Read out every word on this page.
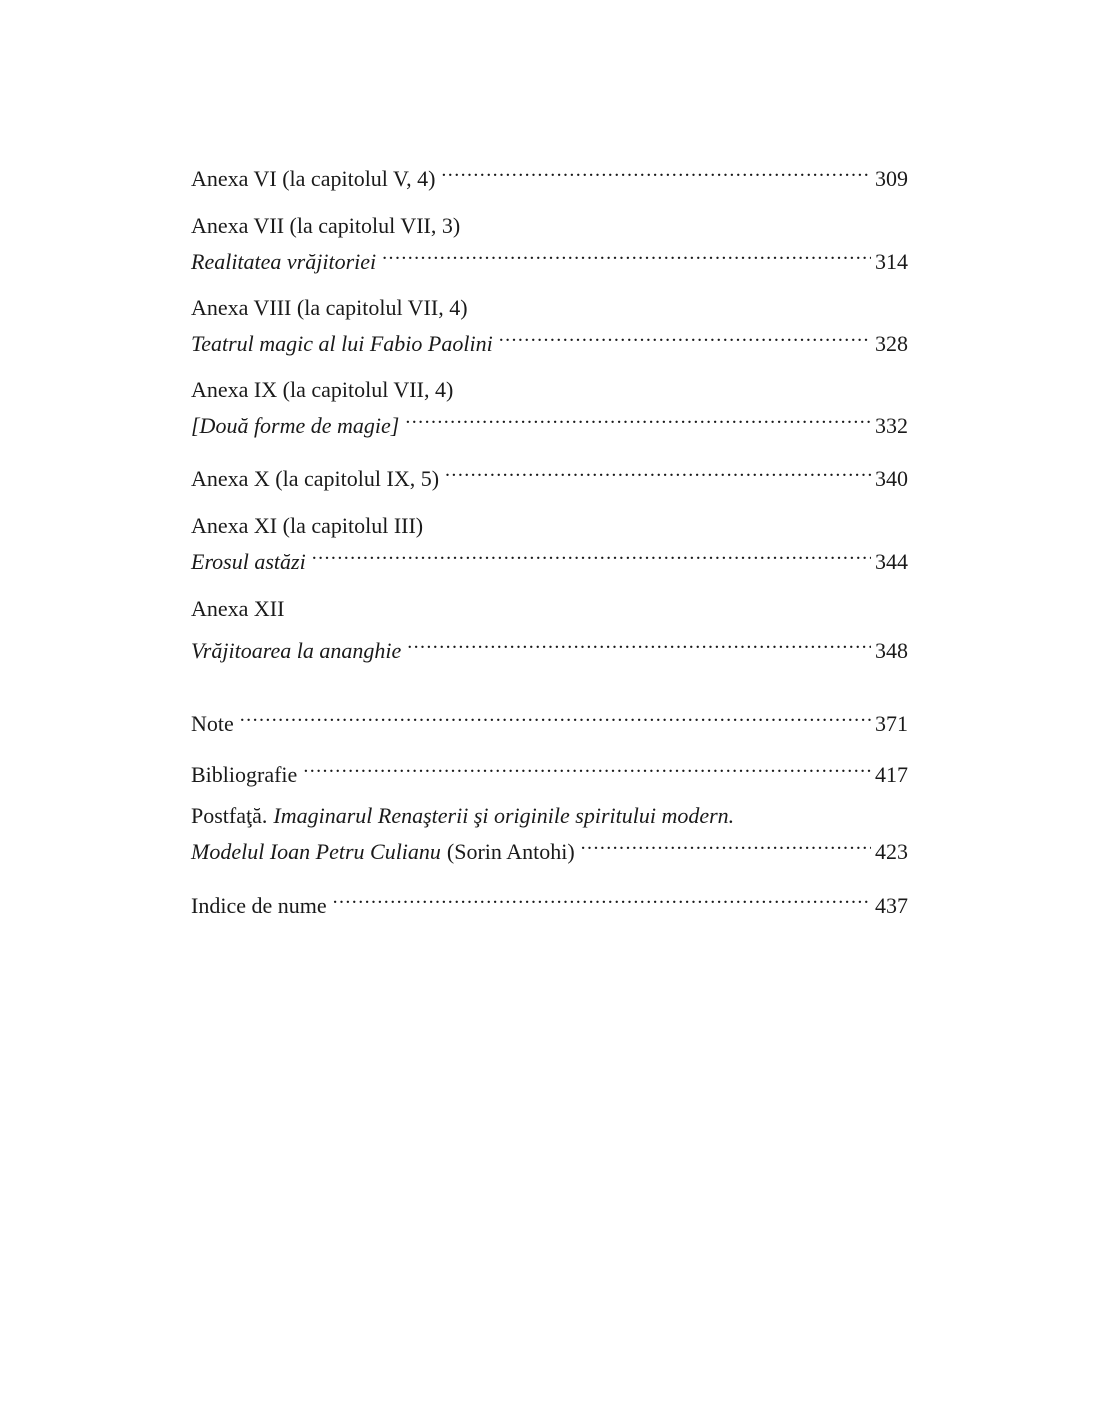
Anexa VI (la capitolul V, 4) .....	309
Anexa VII (la capitolul VII, 3)
Realitatea vrăjitoriei .....	314
Anexa VIII (la capitolul VII, 4)
Teatrul magic al lui Fabio Paolini .....	328
Anexa IX (la capitolul VII, 4)
[Două forme de magie] .....	332
Anexa X (la capitolul IX, 5) .....	340
Anexa XI (la capitolul III)
Erosul astăzi .....	344
Anexa XII
Vrăjitoarea la ananghie .....	348
Note .....	371
Bibliografie .....	417
Postfaţă. Imaginarul Renaşterii şi originile spiritului modern.
Modelul Ioan Petru Culianu (Sorin Antohi) .....	423
Indice de nume .....	437
